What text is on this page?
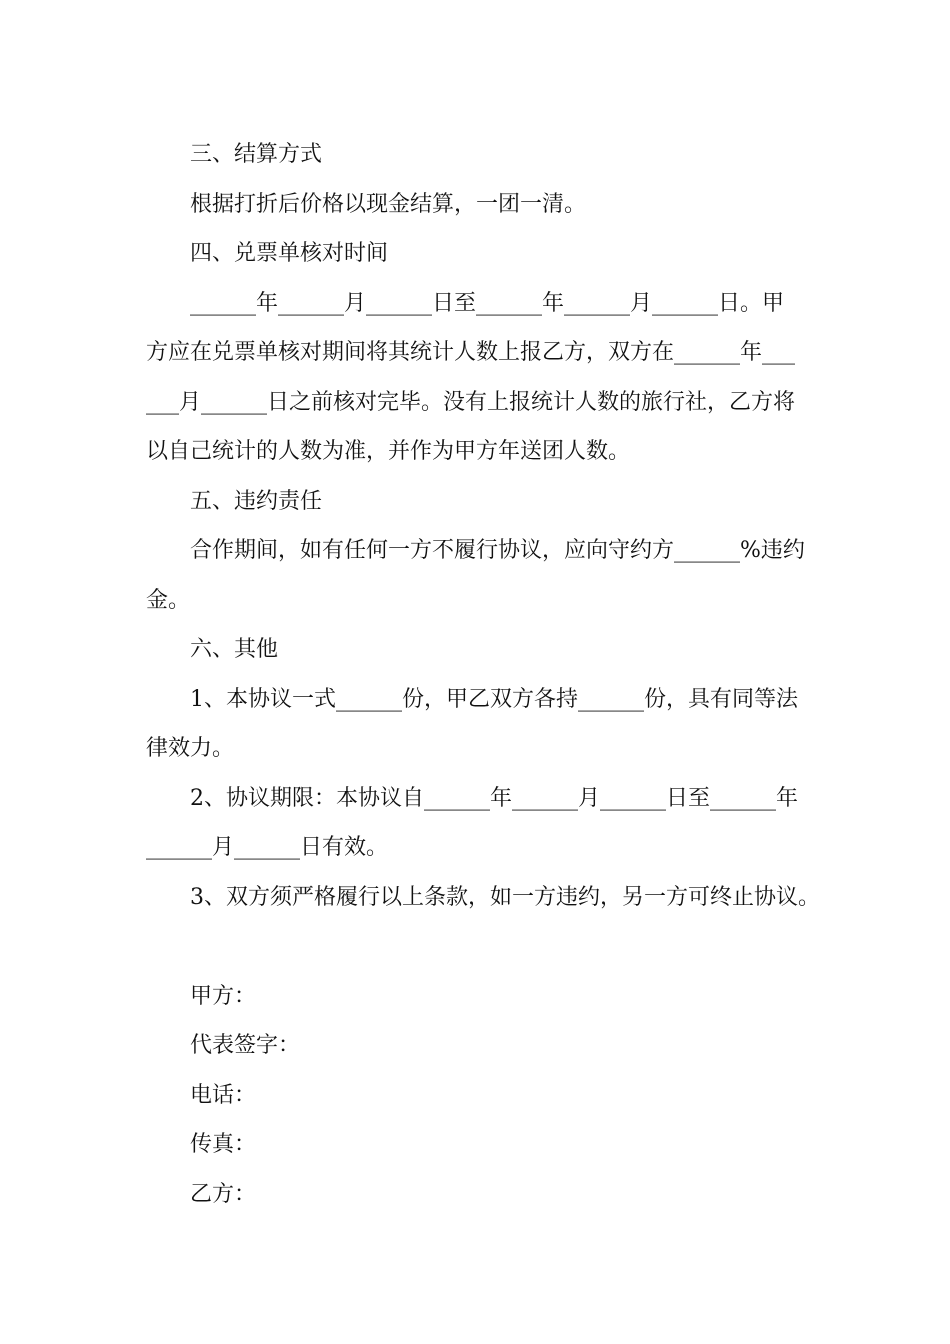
三、结算方式
根据打折后价格以现金结算，一团一清。
四、兑票单核对时间
______年______月______日至______年______月______日。甲
方应在兑票单核对期间将其统计人数上报乙方，双方在______年___
___月______日之前核对完毕。没有上报统计人数的旅行社，乙方将
以自己统计的人数为准，并作为甲方年送团人数。
五、违约责任
合作期间，如有任何一方不履行协议，应向守约方______%违约
金。
六、其他
1、本协议一式______份，甲乙双方各持______份，具有同等法
律效力。
2、协议期限：本协议自______年______月______日至______年
______月______日有效。
3、双方须严格履行以上条款，如一方违约，另一方可终止协议。
甲方：
代表签字：
电话：
传真：
乙方：
